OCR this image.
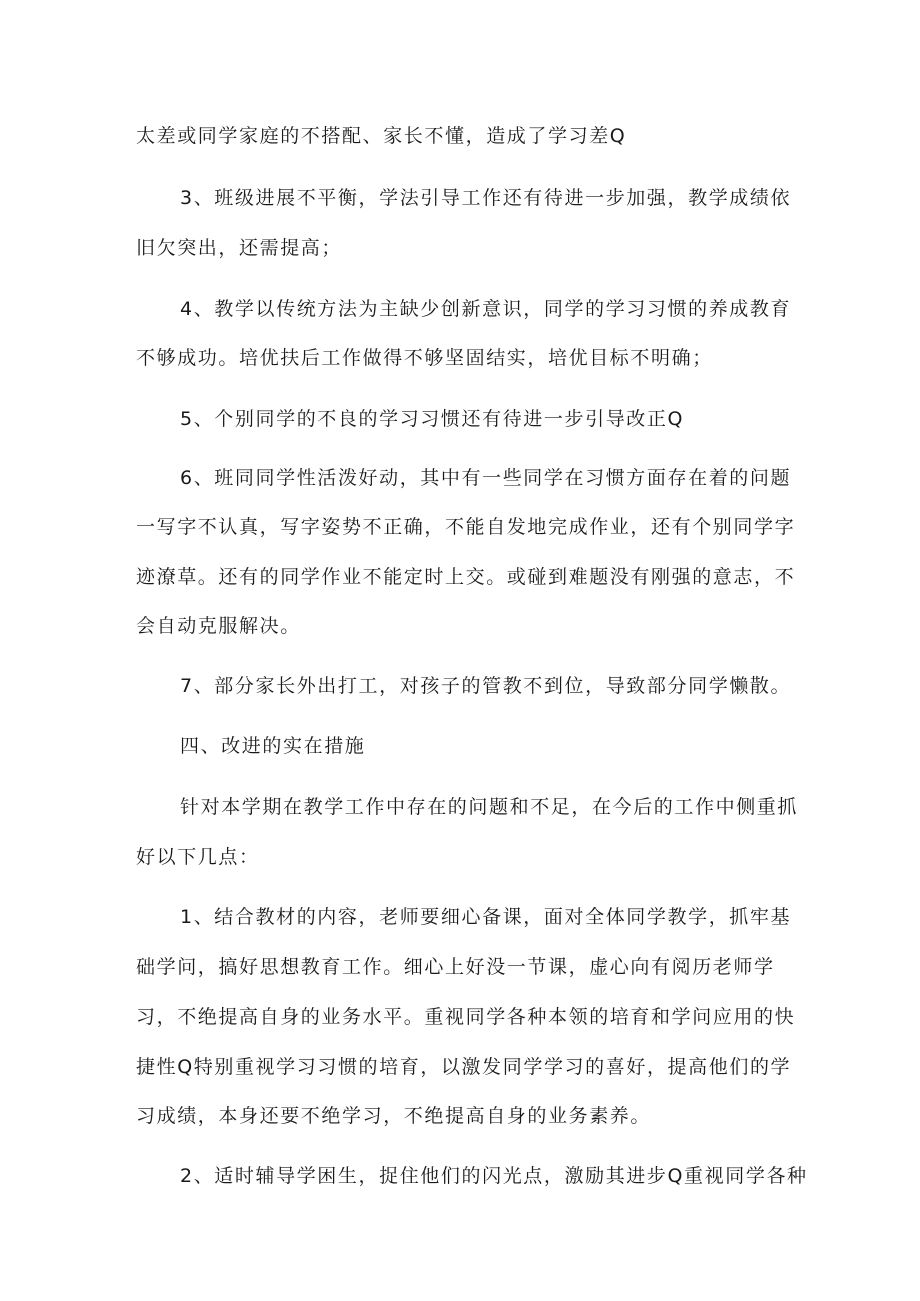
太差或同学家庭的不搭配、家长不懂，造成了学习差Q

3、班级进展不平衡，学法引导工作还有待进一步加强，教学成绩依

旧欠突出，还需提高；

4、教学以传统方法为主缺少创新意识，同学的学习习惯的养成教育

不够成功。培优扶后工作做得不够坚固结实，培优目标不明确；

5、个别同学的不良的学习习惯还有待进一步引导改正Q

6、班同同学性活泼好动，其中有一些同学在习惯方面存在着的问题

一写字不认真，写字姿势不正确，不能自发地完成作业，还有个别同学字

迹潦草。还有的同学作业不能定时上交。或碰到难题没有刚强的意志，不

会自动克服解决。

7、部分家长外出打工，对孩子的管教不到位，导致部分同学懒散。

四、改进的实在措施

针对本学期在教学工作中存在的问题和不足，在今后的工作中侧重抓

好以下几点：

1、结合教材的内容，老师要细心备课，面对全体同学教学，抓牢基

础学问，搞好思想教育工作。细心上好没一节课，虚心向有阅历老师学

习，不绝提高自身的业务水平。重视同学各种本领的培育和学问应用的快

捷性Q特别重视学习习惯的培育，以激发同学学习的喜好，提高他们的学

习成绩，本身还要不绝学习，不绝提高自身的业务素养。

2、适时辅导学困生，捉住他们的闪光点，激励其进步Q重视同学各种
